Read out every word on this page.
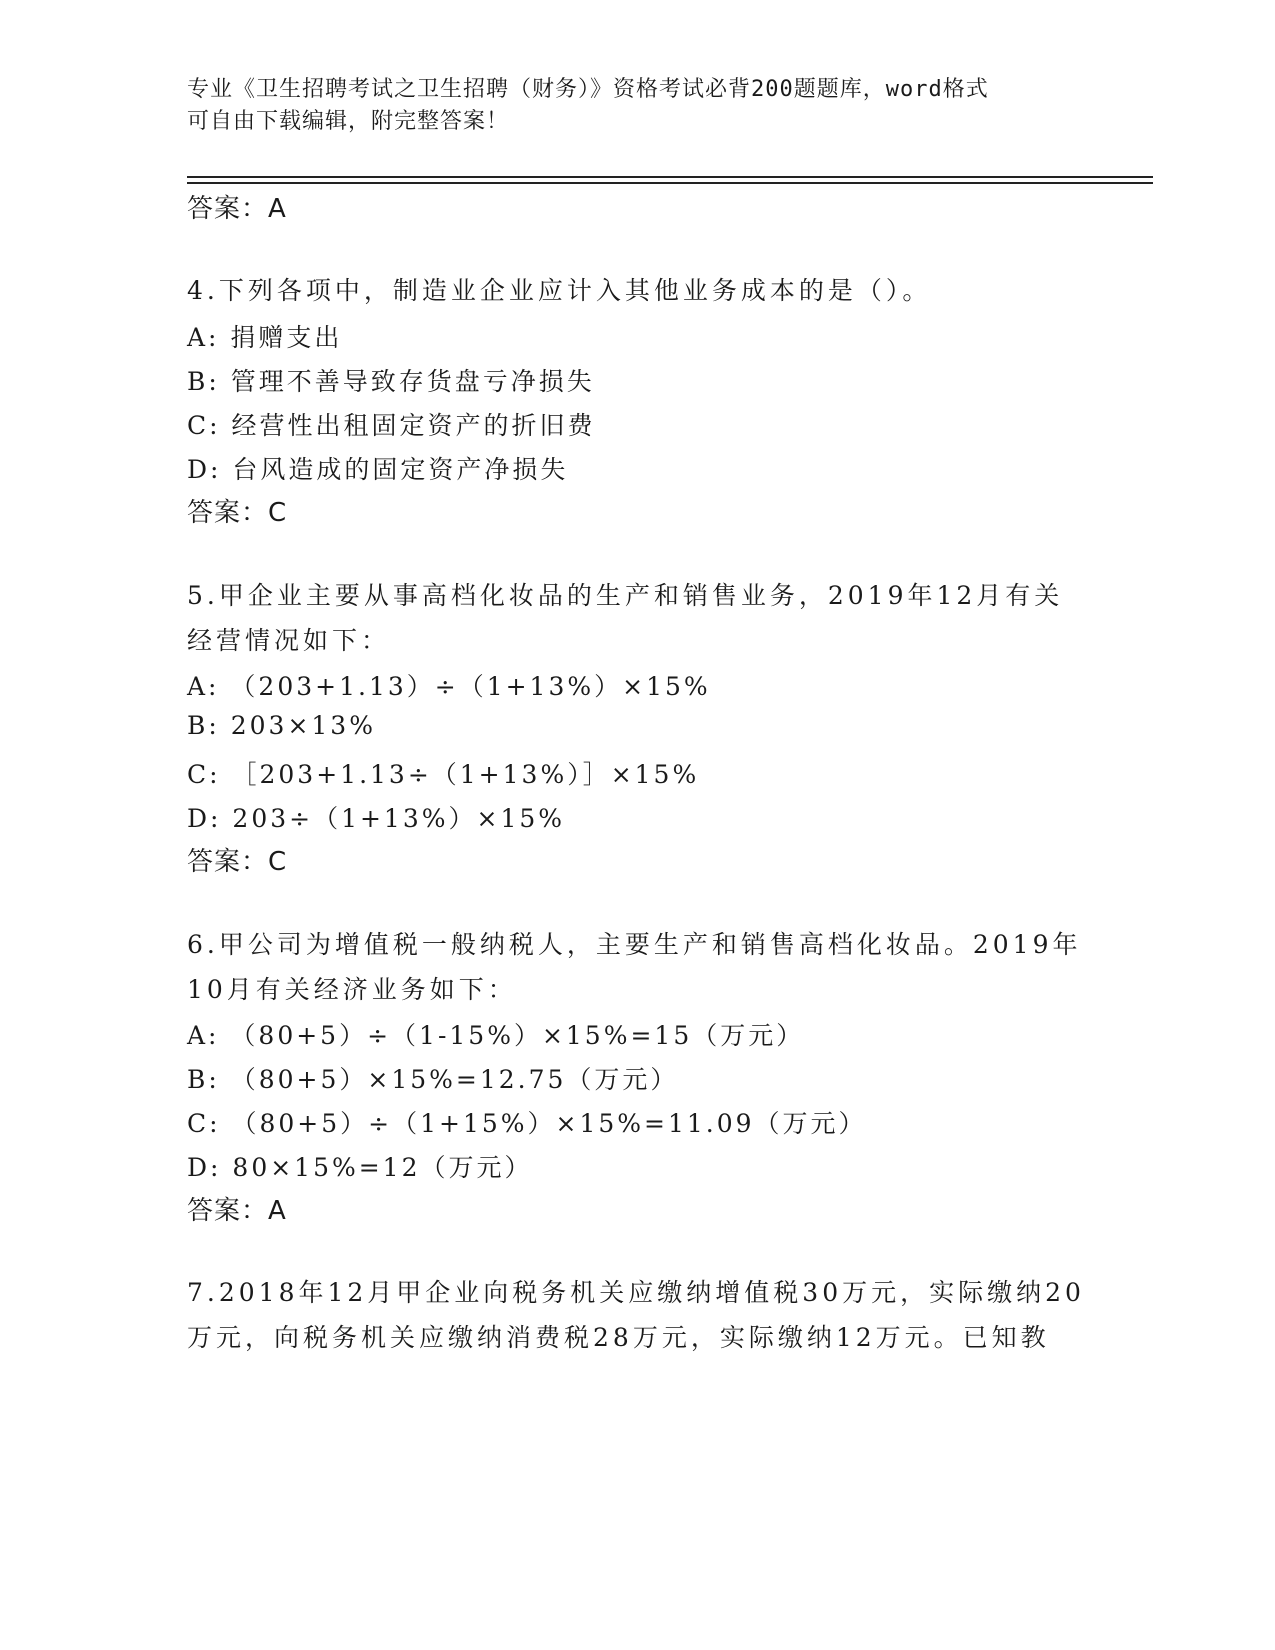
专业《卫生招聘考试之卫生招聘（财务）》资格考试必背200题题库，word格式
可自由下载编辑，附完整答案！
答案：A
4.下列各项中，制造业企业应计入其他业务成本的是（）。
A: 捐赠支出
B: 管理不善导致存货盘亏净损失
C: 经营性出租固定资产的折旧费
D: 台风造成的固定资产净损失
答案：C
5.甲企业主要从事高档化妆品的生产和销售业务，2019年12月有关经营情况如下：
A: （203+1.13）÷（1+13%）×15%
B: 203×13%
C: ［203+1.13÷（1+13%）］×15%
D: 203÷（1+13%）×15%
答案：C
6.甲公司为增值税一般纳税人，主要生产和销售高档化妆品。2019年10月有关经济业务如下：
A: （80+5）÷（1-15%）×15%=15（万元）
B: （80+5）×15%=12.75（万元）
C: （80+5）÷（1+15%）×15%=11.09（万元）
D: 80×15%=12（万元）
答案：A
7.2018年12月甲企业向税务机关应缴纳增值税30万元，实际缴纳20万元，向税务机关应缴纳消费税28万元，实际缴纳12万元。已知教
